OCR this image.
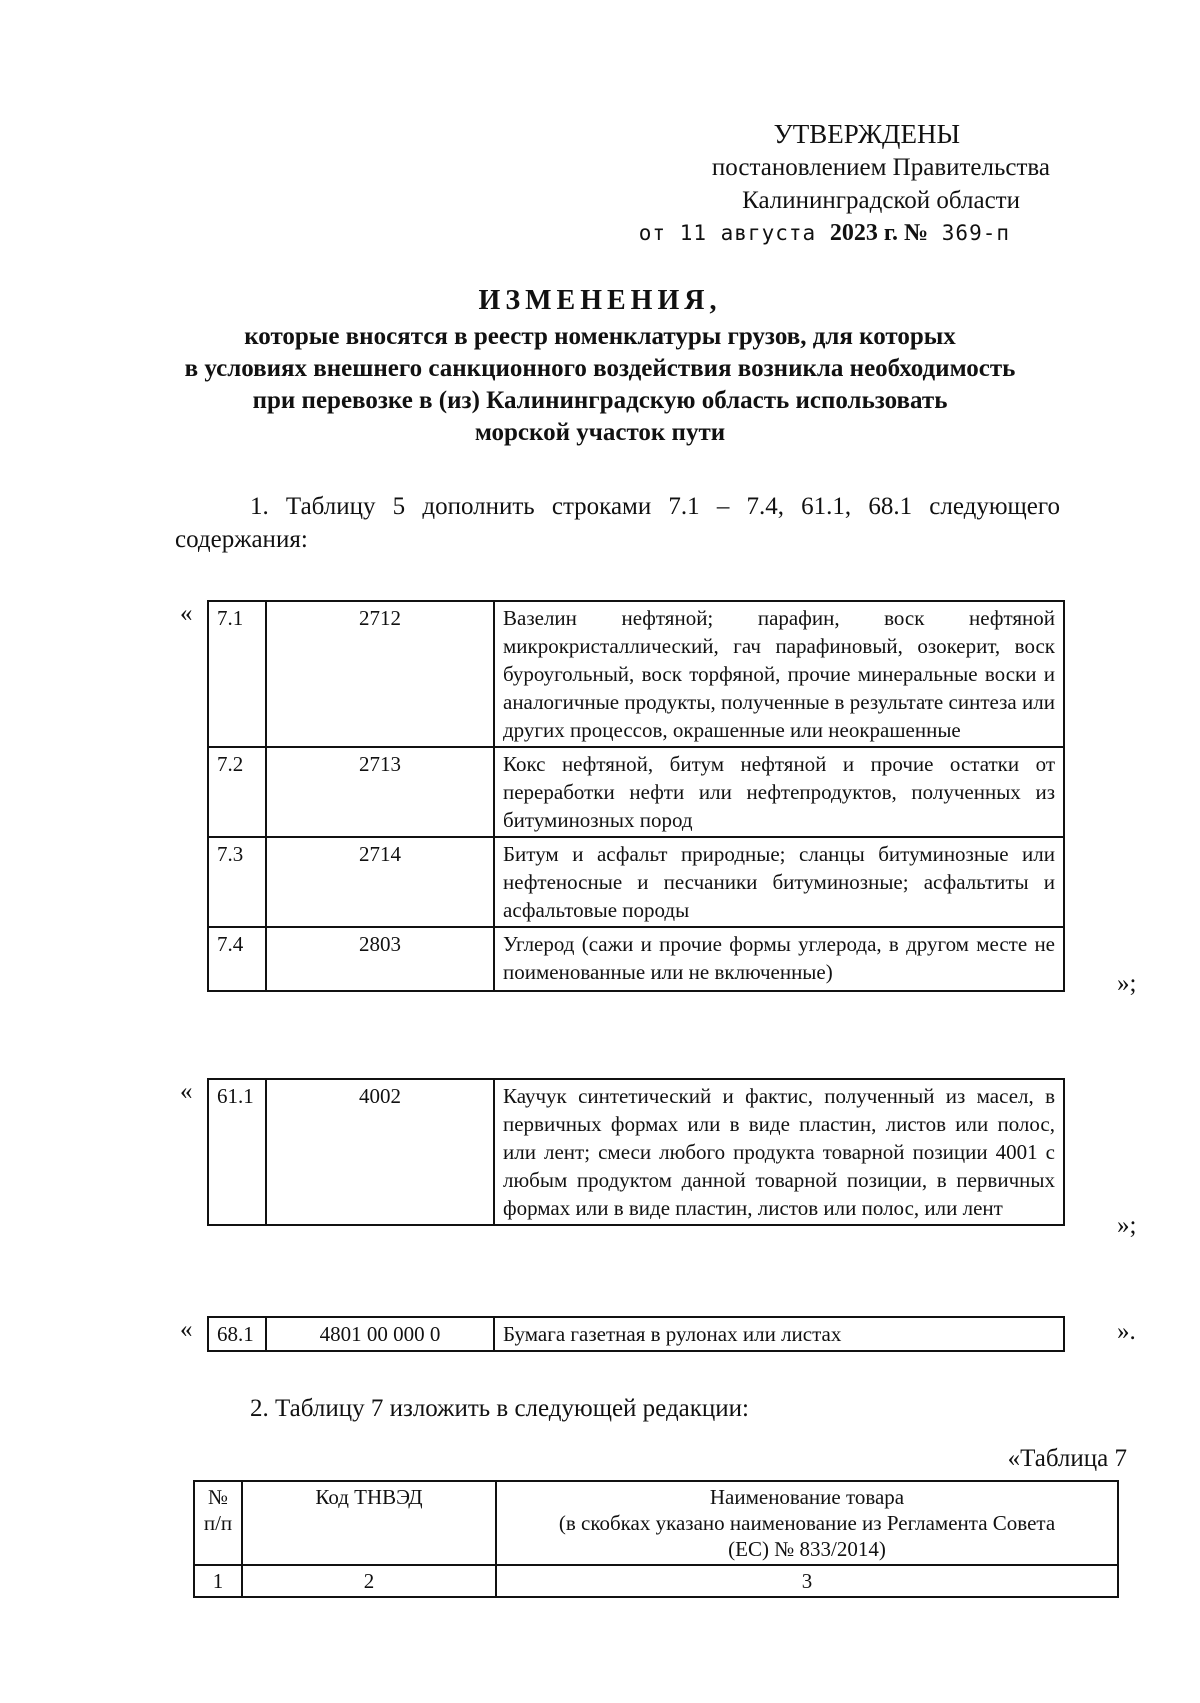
УТВЕРЖДЕНЫ
постановлением Правительства
Калининградской области
от 11 августа 2023 г. № 369-п
ИЗМЕНЕНИЯ,
которые вносятся в реестр номенклатуры грузов, для которых
в условиях внешнего санкционного воздействия возникла необходимость
при перевозке в (из) Калининградскую область использовать
морской участок пути
1. Таблицу 5 дополнить строками 7.1 – 7.4, 61.1, 68.1 следующего содержания:
« 7.1	2712	Вазелин нефтяной; парафин, воск нефтяной микрокристаллический, гач парафиновый, озокерит, воск буроугольный, воск торфяной, прочие минеральные воски и аналогичные продукты, полученные в результате синтеза или других процессов, окрашенные или неокрашенные
7.2	2713	Кокс нефтяной, битум нефтяной и прочие остатки от переработки нефти или нефтепродуктов, полученных из битуминозных пород
7.3	2714	Битум и асфальт природные; сланцы битуминозные или нефтеносные и песчаники битуминозные; асфальтиты и асфальтовые породы
7.4	2803	Углерод (сажи и прочие формы углерода, в другом месте не поименованные или не включенные)	»;
« 61.1	4002	Каучук синтетический и фактис, полученный из масел, в первичных формах или в виде пластин, листов или полос, или лент; смеси любого продукта товарной позиции 4001 с любым продуктом данной товарной позиции, в первичных формах или в виде пластин, листов или полос, или лент
»;
« 68.1	4801 00 000 0	Бумага газетная в рулонах или листах	».
2. Таблицу 7 изложить в следующей редакции:
«Таблица 7
№ п/п	Код ТНВЭД	Наименование товара
(в скобках указано наименование из Регламента Совета
(ЕС) № 833/2014)

1	2	3
